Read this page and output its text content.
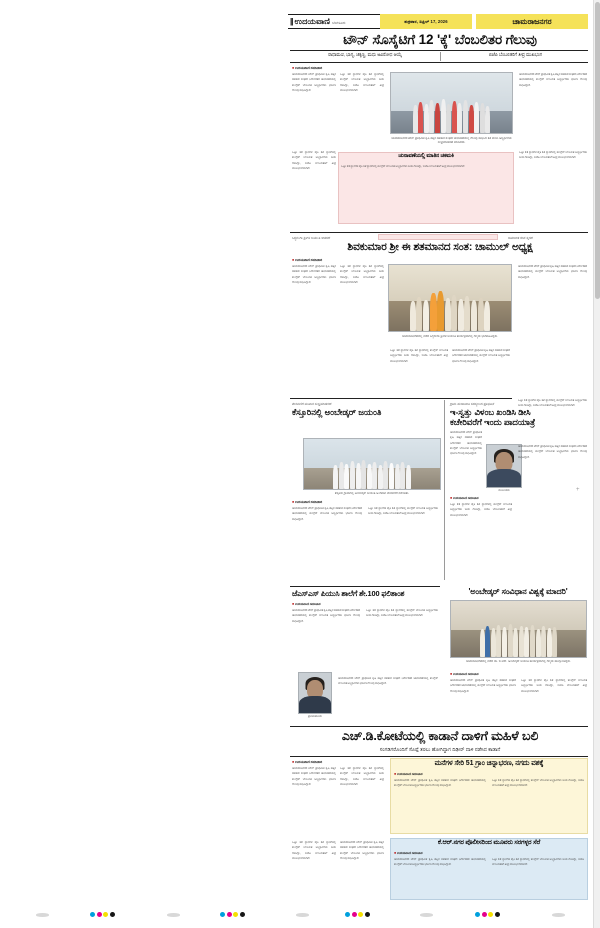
|| ಉದಯವಾಣಿ ಬೆಂಗಳೂರು	ಶುಕ್ರವಾರ, ಏಪ್ರಿಲ್ 17, 2026	ಚಾಮರಾಜನಗರ
ಟೌನ್ ಸೊಸೈಟಿಗೆ 12 'ಕ್ಕೆ' ಬೆಂಬಲಿತರ ಗೆಲುವು
ರಾಧಾಮಣಿ, ಭಾಗ್ಯ, ಚಿಕ್ಕಣ್ಣ, ಮಧು ಅವಿರೋಧ ಆಯ್ಕೆ	ಬಿಜೆಪಿ ಬೆಂಬಲಿತರಿಗೆ ತೀವ್ರ ಮುಖಭಂಗ
■ ಉದಯವಾಣಿ ಸಮಾಚಾರ
ಚಾಮರಾಜನಗರ ಟೌನ್ ಪ್ರಾಥಮಿಕ ಕೃಷಿ ಪತ್ತಿನ ಸಹಕಾರ ಸಂಘದ ನಿರ್ದೇಶಕರ ಚುನಾವಣೆಯಲ್ಲಿ ಕಾಂಗ್ರೆಸ್ ಬೆಂಬಲಿತ ಅಭ್ಯರ್ಥಿಗಳು ಭರ್ಜರಿ ಗೆಲುವು ಸಾಧಿಸಿದ್ದಾರೆ.
ಒಟ್ಟು 13 ಸ್ಥಾನಗಳ ಪೈಕಿ 12 ಸ್ಥಾನಗಳಲ್ಲಿ ಕಾಂಗ್ರೆಸ್ ಬೆಂಬಲಿತ ಅಭ್ಯರ್ಥಿಗಳು ಜಯ ಗಳಿಸಿದ್ದು, ಬಿಜೆಪಿ ಬೆಂಬಲಿತರಿಗೆ ತೀವ್ರ ಮುಖಭಂಗವಾಗಿದೆ.
ಚಾಮರಾಜನಗರ ಟೌನ್ ಪ್ರಾಥಮಿಕ ಕೃಷಿ ಪತ್ತಿನ ಸಹಕಾರ ಸಂಘದ ಚುನಾವಣೆಯಲ್ಲಿ ಗೆಲುವು ಸಾಧಿಸಿದ 12 ಮಂದಿ ಅಭ್ಯರ್ಥಿಗಳು ಸಂಭ್ರಮಾಚರಣೆ ಮಾಡಿದರು.
ಚಾಮರಾಜನಗರ ಟೌನ್ ಪ್ರಾಥಮಿಕ ಕೃಷಿ ಪತ್ತಿನ ಸಹಕಾರ ಸಂಘದ ನಿರ್ದೇಶಕರ ಚುನಾವಣೆಯಲ್ಲಿ ಕಾಂಗ್ರೆಸ್ ಬೆಂಬಲಿತ ಅಭ್ಯರ್ಥಿಗಳು ಭರ್ಜರಿ ಗೆಲುವು ಸಾಧಿಸಿದ್ದಾರೆ.
ಚುನಾವಣೆಯಲ್ಲಿ ಮಾತಿನ ಚಕಮಕಿ
ಒಟ್ಟು 13 ಸ್ಥಾನಗಳ ಪೈಕಿ 12 ಸ್ಥಾನಗಳಲ್ಲಿ ಕಾಂಗ್ರೆಸ್ ಬೆಂಬಲಿತ ಅಭ್ಯರ್ಥಿಗಳು ಜಯ ಗಳಿಸಿದ್ದು, ಬಿಜೆಪಿ ಬೆಂಬಲಿತರಿಗೆ ತೀವ್ರ ಮುಖಭಂಗವಾಗಿದೆ.
ಒಟ್ಟು 13 ಸ್ಥಾನಗಳ ಪೈಕಿ 12 ಸ್ಥಾನಗಳಲ್ಲಿ ಕಾಂಗ್ರೆಸ್ ಬೆಂಬಲಿತ ಅಭ್ಯರ್ಥಿಗಳು ಜಯ ಗಳಿಸಿದ್ದು, ಬಿಜೆಪಿ ಬೆಂಬಲಿತರಿಗೆ ತೀವ್ರ ಮುಖಭಂಗವಾಗಿದೆ.
ಒಟ್ಟು 13 ಸ್ಥಾನಗಳ ಪೈಕಿ 12 ಸ್ಥಾನಗಳಲ್ಲಿ ಕಾಂಗ್ರೆಸ್ ಬೆಂಬಲಿತ ಅಭ್ಯರ್ಥಿಗಳು ಜಯ ಗಳಿಸಿದ್ದು, ಬಿಜೆಪಿ ಬೆಂಬಲಿತರಿಗೆ ತೀವ್ರ ಮುಖಭಂಗವಾಗಿದೆ.
ಸಿದ್ಧಗಂಗಾ ಶ್ರೀಗಳ ಜಯಂತಿ ಆಚರಣೆ	ಸಾಮಾಜಿಕ ಸೇವೆ ಸ್ಮರಣೆ
ಶಿವಕುಮಾರ ಶ್ರೀ ಈ ಶತಮಾನದ ಸಂತ: ಚಾಮುಲ್ ಅಧ್ಯಕ್ಷ
■ ಉದಯವಾಣಿ ಸಮಾಚಾರ
ಚಾಮರಾಜನಗರ ಟೌನ್ ಪ್ರಾಥಮಿಕ ಕೃಷಿ ಪತ್ತಿನ ಸಹಕಾರ ಸಂಘದ ನಿರ್ದೇಶಕರ ಚುನಾವಣೆಯಲ್ಲಿ ಕಾಂಗ್ರೆಸ್ ಬೆಂಬಲಿತ ಅಭ್ಯರ್ಥಿಗಳು ಭರ್ಜರಿ ಗೆಲುವು ಸಾಧಿಸಿದ್ದಾರೆ.
ಒಟ್ಟು 13 ಸ್ಥಾನಗಳ ಪೈಕಿ 12 ಸ್ಥಾನಗಳಲ್ಲಿ ಕಾಂಗ್ರೆಸ್ ಬೆಂಬಲಿತ ಅಭ್ಯರ್ಥಿಗಳು ಜಯ ಗಳಿಸಿದ್ದು, ಬಿಜೆಪಿ ಬೆಂಬಲಿತರಿಗೆ ತೀವ್ರ ಮುಖಭಂಗವಾಗಿದೆ.
ಚಾಮರಾಜನಗರದಲ್ಲಿ ನಡೆದ ಸಿದ್ಧಗಂಗಾ ಶ್ರೀಗಳ ಜಯಂತಿ ಕಾರ್ಯಕ್ರಮದಲ್ಲಿ ಗಣ್ಯರು ಭಾಗವಹಿಸಿದ್ದರು.
ಚಾಮರಾಜನಗರ ಟೌನ್ ಪ್ರಾಥಮಿಕ ಕೃಷಿ ಪತ್ತಿನ ಸಹಕಾರ ಸಂಘದ ನಿರ್ದೇಶಕರ ಚುನಾವಣೆಯಲ್ಲಿ ಕಾಂಗ್ರೆಸ್ ಬೆಂಬಲಿತ ಅಭ್ಯರ್ಥಿಗಳು ಭರ್ಜರಿ ಗೆಲುವು ಸಾಧಿಸಿದ್ದಾರೆ.
ಒಟ್ಟು 13 ಸ್ಥಾನಗಳ ಪೈಕಿ 12 ಸ್ಥಾನಗಳಲ್ಲಿ ಕಾಂಗ್ರೆಸ್ ಬೆಂಬಲಿತ ಅಭ್ಯರ್ಥಿಗಳು ಜಯ ಗಳಿಸಿದ್ದು, ಬಿಜೆಪಿ ಬೆಂಬಲಿತರಿಗೆ ತೀವ್ರ ಮುಖಭಂಗವಾಗಿದೆ.
ಚಾಮರಾಜನಗರ ಟೌನ್ ಪ್ರಾಥಮಿಕ ಕೃಷಿ ಪತ್ತಿನ ಸಹಕಾರ ಸಂಘದ ನಿರ್ದೇಶಕರ ಚುನಾವಣೆಯಲ್ಲಿ ಕಾಂಗ್ರೆಸ್ ಬೆಂಬಲಿತ ಅಭ್ಯರ್ಥಿಗಳು ಭರ್ಜರಿ ಗೆಲುವು ಸಾಧಿಸಿದ್ದಾರೆ.
ಒಟ್ಟು 13 ಸ್ಥಾನಗಳ ಪೈಕಿ 12 ಸ್ಥಾನಗಳಲ್ಲಿ ಕಾಂಗ್ರೆಸ್ ಬೆಂಬಲಿತ ಅಭ್ಯರ್ಥಿಗಳು ಜಯ ಗಳಿಸಿದ್ದು, ಬಿಜೆಪಿ ಬೆಂಬಲಿತರಿಗೆ ತೀವ್ರ ಮುಖಭಂಗವಾಗಿದೆ.
ಮೆರವಣಿಗೆ ಮೂಲಕ ಸಂಭ್ರಮಾಚರಣೆ
ಕೆಸ್ತೂರಿನಲ್ಲಿ ಅಂಬೇಡ್ಕರ್ ಜಯಂತಿ
ಗ್ರಾಮ ಪಂಚಾಯಿತಿ ಸದಸ್ಯರಿಂದ ಪ್ರತಿಭಟನೆ
ಇ-ಸ್ವತ್ತು ವಿಳಂಬ ಖಂಡಿಸಿ ಡೀಸಿ
ಕಚೇರಿವರೆಗೆ ಇಂದು ಪಾದಯಾತ್ರೆ
ಕೆಸ್ತೂರು ಗ್ರಾಮದಲ್ಲಿ ಅಂಬೇಡ್ಕರ್ ಜಯಂತಿ ಅಂಗವಾಗಿ ಮೆರವಣಿಗೆ ನಡೆಯಿತು.
■ ಉದಯವಾಣಿ ಸಮಾಚಾರ
ಚಾಮರಾಜನಗರ ಟೌನ್ ಪ್ರಾಥಮಿಕ ಕೃಷಿ ಪತ್ತಿನ ಸಹಕಾರ ಸಂಘದ ನಿರ್ದೇಶಕರ ಚುನಾವಣೆಯಲ್ಲಿ ಕಾಂಗ್ರೆಸ್ ಬೆಂಬಲಿತ ಅಭ್ಯರ್ಥಿಗಳು ಭರ್ಜರಿ ಗೆಲುವು ಸಾಧಿಸಿದ್ದಾರೆ.
ಒಟ್ಟು 13 ಸ್ಥಾನಗಳ ಪೈಕಿ 12 ಸ್ಥಾನಗಳಲ್ಲಿ ಕಾಂಗ್ರೆಸ್ ಬೆಂಬಲಿತ ಅಭ್ಯರ್ಥಿಗಳು ಜಯ ಗಳಿಸಿದ್ದು, ಬಿಜೆಪಿ ಬೆಂಬಲಿತರಿಗೆ ತೀವ್ರ ಮುಖಭಂಗವಾಗಿದೆ.
ಮುಖಂಡರು
ಚಾಮರಾಜನಗರ ಟೌನ್ ಪ್ರಾಥಮಿಕ ಕೃಷಿ ಪತ್ತಿನ ಸಹಕಾರ ಸಂಘದ ನಿರ್ದೇಶಕರ ಚುನಾವಣೆಯಲ್ಲಿ ಕಾಂಗ್ರೆಸ್ ಬೆಂಬಲಿತ ಅಭ್ಯರ್ಥಿಗಳು ಭರ್ಜರಿ ಗೆಲುವು ಸಾಧಿಸಿದ್ದಾರೆ.
■ ಉದಯವಾಣಿ ಸಮಾಚಾರ
ಒಟ್ಟು 13 ಸ್ಥಾನಗಳ ಪೈಕಿ 12 ಸ್ಥಾನಗಳಲ್ಲಿ ಕಾಂಗ್ರೆಸ್ ಬೆಂಬಲಿತ ಅಭ್ಯರ್ಥಿಗಳು ಜಯ ಗಳಿಸಿದ್ದು, ಬಿಜೆಪಿ ಬೆಂಬಲಿತರಿಗೆ ತೀವ್ರ ಮುಖಭಂಗವಾಗಿದೆ.
ಚಾಮರಾಜನಗರ ಟೌನ್ ಪ್ರಾಥಮಿಕ ಕೃಷಿ ಪತ್ತಿನ ಸಹಕಾರ ಸಂಘದ ನಿರ್ದೇಶಕರ ಚುನಾವಣೆಯಲ್ಲಿ ಕಾಂಗ್ರೆಸ್ ಬೆಂಬಲಿತ ಅಭ್ಯರ್ಥಿಗಳು ಭರ್ಜರಿ ಗೆಲುವು ಸಾಧಿಸಿದ್ದಾರೆ.
ಜೆಎಸ್‌ಎಸ್ ಪಿಯುಸಿ ಶಾಲೆಗೆ ಶೇ.100 ಫಲಿತಾಂಶ
■ ಉದಯವಾಣಿ ಸಮಾಚಾರ
ಪ್ರಾಂಶುಪಾಲರು
ಚಾಮರಾಜನಗರ ಟೌನ್ ಪ್ರಾಥಮಿಕ ಕೃಷಿ ಪತ್ತಿನ ಸಹಕಾರ ಸಂಘದ ನಿರ್ದೇಶಕರ ಚುನಾವಣೆಯಲ್ಲಿ ಕಾಂಗ್ರೆಸ್ ಬೆಂಬಲಿತ ಅಭ್ಯರ್ಥಿಗಳು ಭರ್ಜರಿ ಗೆಲುವು ಸಾಧಿಸಿದ್ದಾರೆ.
ಒಟ್ಟು 13 ಸ್ಥಾನಗಳ ಪೈಕಿ 12 ಸ್ಥಾನಗಳಲ್ಲಿ ಕಾಂಗ್ರೆಸ್ ಬೆಂಬಲಿತ ಅಭ್ಯರ್ಥಿಗಳು ಜಯ ಗಳಿಸಿದ್ದು, ಬಿಜೆಪಿ ಬೆಂಬಲಿತರಿಗೆ ತೀವ್ರ ಮುಖಭಂಗವಾಗಿದೆ.
ಚಾಮರಾಜನಗರ ಟೌನ್ ಪ್ರಾಥಮಿಕ ಕೃಷಿ ಪತ್ತಿನ ಸಹಕಾರ ಸಂಘದ ನಿರ್ದೇಶಕರ ಚುನಾವಣೆಯಲ್ಲಿ ಕಾಂಗ್ರೆಸ್ ಬೆಂಬಲಿತ ಅಭ್ಯರ್ಥಿಗಳು ಭರ್ಜರಿ ಗೆಲುವು ಸಾಧಿಸಿದ್ದಾರೆ.
'ಅಂಬೇಡ್ಕರ್ ಸಂವಿಧಾನ ವಿಶ್ವಕ್ಕೆ ಮಾದರಿ'
ಚಾಮರಾಜನಗರದಲ್ಲಿ ನಡೆದ ಡಾ. ಬಿ.ಆರ್. ಅಂಬೇಡ್ಕರ್ ಜಯಂತಿ ಕಾರ್ಯಕ್ರಮದಲ್ಲಿ ಗಣ್ಯರು ಪಾಲ್ಗೊಂಡಿದ್ದರು.
■ ಉದಯವಾಣಿ ಸಮಾಚಾರ
ಚಾಮರಾಜನಗರ ಟೌನ್ ಪ್ರಾಥಮಿಕ ಕೃಷಿ ಪತ್ತಿನ ಸಹಕಾರ ಸಂಘದ ನಿರ್ದೇಶಕರ ಚುನಾವಣೆಯಲ್ಲಿ ಕಾಂಗ್ರೆಸ್ ಬೆಂಬಲಿತ ಅಭ್ಯರ್ಥಿಗಳು ಭರ್ಜರಿ ಗೆಲುವು ಸಾಧಿಸಿದ್ದಾರೆ.
ಒಟ್ಟು 13 ಸ್ಥಾನಗಳ ಪೈಕಿ 12 ಸ್ಥಾನಗಳಲ್ಲಿ ಕಾಂಗ್ರೆಸ್ ಬೆಂಬಲಿತ ಅಭ್ಯರ್ಥಿಗಳು ಜಯ ಗಳಿಸಿದ್ದು, ಬಿಜೆಪಿ ಬೆಂಬಲಿತರಿಗೆ ತೀವ್ರ ಮುಖಭಂಗವಾಗಿದೆ.
ಎಚ್.ಡಿ.ಕೋಟೆಯಲ್ಲಿ ಕಾಡಾನೆ ದಾಳಿಗೆ ಮಹಿಳೆ ಬಲಿ
ಸಂಗಡಿಗರೊಂದಿಗೆ ಸೊಪ್ಪೆ ತರಲು ಹೋಗಿದ್ದಾಗ ದಿಢೀರ್ ದಾಳಿ ನಡೆಸಿದ ಕಾಡಾನೆ
■ ಉದಯವಾಣಿ ಸಮಾಚಾರ
ಚಾಮರಾಜನಗರ ಟೌನ್ ಪ್ರಾಥಮಿಕ ಕೃಷಿ ಪತ್ತಿನ ಸಹಕಾರ ಸಂಘದ ನಿರ್ದೇಶಕರ ಚುನಾವಣೆಯಲ್ಲಿ ಕಾಂಗ್ರೆಸ್ ಬೆಂಬಲಿತ ಅಭ್ಯರ್ಥಿಗಳು ಭರ್ಜರಿ ಗೆಲುವು ಸಾಧಿಸಿದ್ದಾರೆ.
ಒಟ್ಟು 13 ಸ್ಥಾನಗಳ ಪೈಕಿ 12 ಸ್ಥಾನಗಳಲ್ಲಿ ಕಾಂಗ್ರೆಸ್ ಬೆಂಬಲಿತ ಅಭ್ಯರ್ಥಿಗಳು ಜಯ ಗಳಿಸಿದ್ದು, ಬಿಜೆಪಿ ಬೆಂಬಲಿತರಿಗೆ ತೀವ್ರ ಮುಖಭಂಗವಾಗಿದೆ.
ಮನೆಗಳ ಸೇರಿ 51 ಗ್ರಾಂ ಚಿನ್ನಾಭರಣ, ನಗದು ವಶಕ್ಕೆ
■ ಉದಯವಾಣಿ ಸಮಾಚಾರ
ಚಾಮರಾಜನಗರ ಟೌನ್ ಪ್ರಾಥಮಿಕ ಕೃಷಿ ಪತ್ತಿನ ಸಹಕಾರ ಸಂಘದ ನಿರ್ದೇಶಕರ ಚುನಾವಣೆಯಲ್ಲಿ ಕಾಂಗ್ರೆಸ್ ಬೆಂಬಲಿತ ಅಭ್ಯರ್ಥಿಗಳು ಭರ್ಜರಿ ಗೆಲುವು ಸಾಧಿಸಿದ್ದಾರೆ.
ಒಟ್ಟು 13 ಸ್ಥಾನಗಳ ಪೈಕಿ 12 ಸ್ಥಾನಗಳಲ್ಲಿ ಕಾಂಗ್ರೆಸ್ ಬೆಂಬಲಿತ ಅಭ್ಯರ್ಥಿಗಳು ಜಯ ಗಳಿಸಿದ್ದು, ಬಿಜೆಪಿ ಬೆಂಬಲಿತರಿಗೆ ತೀವ್ರ ಮುಖಭಂಗವಾಗಿದೆ.
ಕೆ.ಆರ್.ನಗರ ಪೊಲೀಸರಿಂದ ಮೂವರು ಸರಗಳ್ಳರ ಸೆರೆ
■ ಉದಯವಾಣಿ ಸಮಾಚಾರ
ಚಾಮರಾಜನಗರ ಟೌನ್ ಪ್ರಾಥಮಿಕ ಕೃಷಿ ಪತ್ತಿನ ಸಹಕಾರ ಸಂಘದ ನಿರ್ದೇಶಕರ ಚುನಾವಣೆಯಲ್ಲಿ ಕಾಂಗ್ರೆಸ್ ಬೆಂಬಲಿತ ಅಭ್ಯರ್ಥಿಗಳು ಭರ್ಜರಿ ಗೆಲುವು ಸಾಧಿಸಿದ್ದಾರೆ.
ಒಟ್ಟು 13 ಸ್ಥಾನಗಳ ಪೈಕಿ 12 ಸ್ಥಾನಗಳಲ್ಲಿ ಕಾಂಗ್ರೆಸ್ ಬೆಂಬಲಿತ ಅಭ್ಯರ್ಥಿಗಳು ಜಯ ಗಳಿಸಿದ್ದು, ಬಿಜೆಪಿ ಬೆಂಬಲಿತರಿಗೆ ತೀವ್ರ ಮುಖಭಂಗವಾಗಿದೆ.
ಒಟ್ಟು 13 ಸ್ಥಾನಗಳ ಪೈಕಿ 12 ಸ್ಥಾನಗಳಲ್ಲಿ ಕಾಂಗ್ರೆಸ್ ಬೆಂಬಲಿತ ಅಭ್ಯರ್ಥಿಗಳು ಜಯ ಗಳಿಸಿದ್ದು, ಬಿಜೆಪಿ ಬೆಂಬಲಿತರಿಗೆ ತೀವ್ರ ಮುಖಭಂಗವಾಗಿದೆ.
ಚಾಮರಾಜನಗರ ಟೌನ್ ಪ್ರಾಥಮಿಕ ಕೃಷಿ ಪತ್ತಿನ ಸಹಕಾರ ಸಂಘದ ನಿರ್ದೇಶಕರ ಚುನಾವಣೆಯಲ್ಲಿ ಕಾಂಗ್ರೆಸ್ ಬೆಂಬಲಿತ ಅಭ್ಯರ್ಥಿಗಳು ಭರ್ಜರಿ ಗೆಲುವು ಸಾಧಿಸಿದ್ದಾರೆ.
+
